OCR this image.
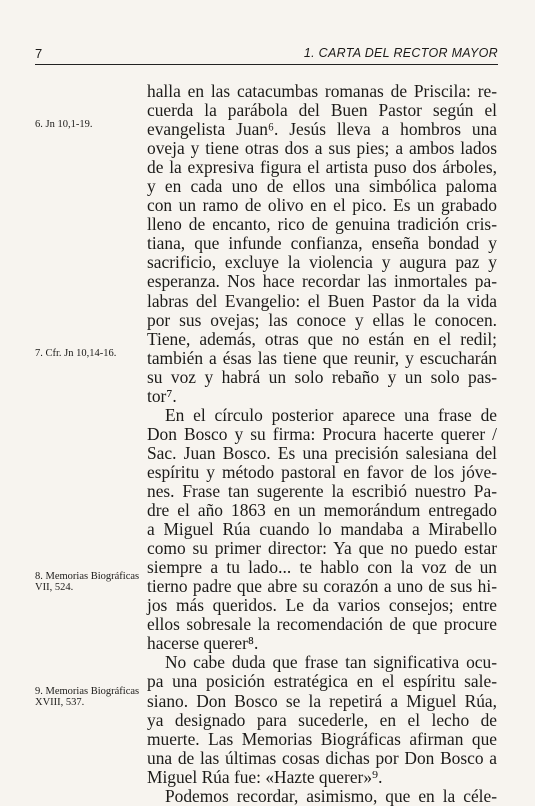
7	1. CARTA DEL RECTOR MAYOR
6. Jn 10,1-19.
7. Cfr. Jn 10,14-16.
8. Memorias Biográficas
VII, 524.
9. Memorias Biográficas
XVIII, 537.
halla en las catacumbas romanas de Priscila: re-
cuerda la parábola del Buen Pastor según el
evangelista Juan⁶. Jesús lleva a hombros una
oveja y tiene otras dos a sus pies; a ambos lados
de la expresiva figura el artista puso dos árboles,
y en cada uno de ellos una simbólica paloma
con un ramo de olivo en el pico. Es un grabado
lleno de encanto, rico de genuina tradición cris-
tiana, que infunde confianza, enseña bondad y
sacrificio, excluye la violencia y augura paz y
esperanza. Nos hace recordar las inmortales pa-
labras del Evangelio: el Buen Pastor da la vida
por sus ovejas; las conoce y ellas le conocen.
Tiene, además, otras que no están en el redil;
también a ésas las tiene que reunir, y escucharán
su voz y habrá un solo rebaño y un solo pas-
tor⁷.
En el círculo posterior aparece una frase de
Don Bosco y su firma: Procura hacerte querer /
Sac. Juan Bosco. Es una precisión salesiana del
espíritu y método pastoral en favor de los jóve-
nes. Frase tan sugerente la escribió nuestro Pa-
dre el año 1863 en un memorándum entregado
a Miguel Rúa cuando lo mandaba a Mirabello
como su primer director: Ya que no puedo estar
siempre a tu lado... te hablo con la voz de un
tierno padre que abre su corazón a uno de sus hi-
jos más queridos. Le da varios consejos; entre
ellos sobresale la recomendación de que procure
hacerse querer⁸.
No cabe duda que frase tan significativa ocu-
pa una posición estratégica en el espíritu sale-
siano. Don Bosco se la repetirá a Miguel Rúa,
ya designado para sucederle, en el lecho de
muerte. Las Memorias Biográficas afirman que
una de las últimas cosas dichas por Don Bosco a
Miguel Rúa fue: «Hazte querer»⁹.
Podemos recordar, asimismo, que en la céle-
